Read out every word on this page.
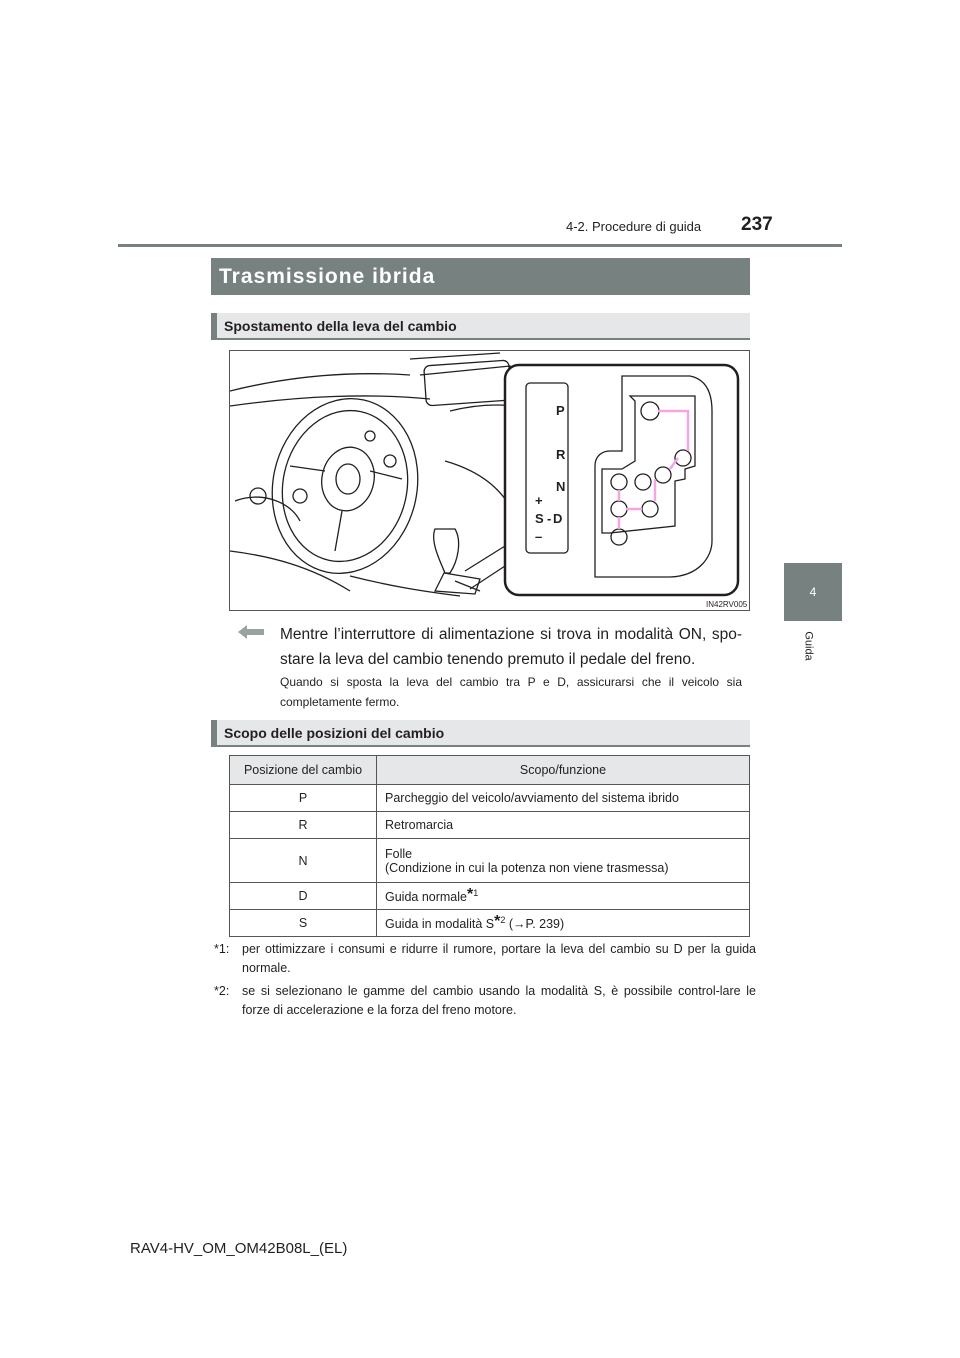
237
4-2. Procedure di guida
4
Guida
Trasmissione ibrida
Spostamento della leva del cambio
P
R
N
+
S - D
–
IN42RV005
Mentre l’interruttore di alimentazione si trova in modalità ON, spo-stare la leva del cambio tenendo premuto il pedale del freno.
Quando si sposta la leva del cambio tra P e D, assicurarsi che il veicolo sia completamente fermo.
Scopo delle posizioni del cambio
Posizione del cambio	Scopo/funzione
P	Parcheggio del veicolo/avviamento del sistema ibrido
R	Retromarcia
N	Folle
(Condizione in cui la potenza non viene trasmessa)

D	Guida normale*$^1$
S	Guida in modalità S*$^2$ (→P. 239)
*1: per ottimizzare i consumi e ridurre il rumore, portare la leva del cambio su D per la guida normale.
*2: se si selezionano le gamme del cambio usando la modalità S, è possibile control-lare le forze di accelerazione e la forza del freno motore.
RAV4-HV_OM_OM42B08L_(EL)
